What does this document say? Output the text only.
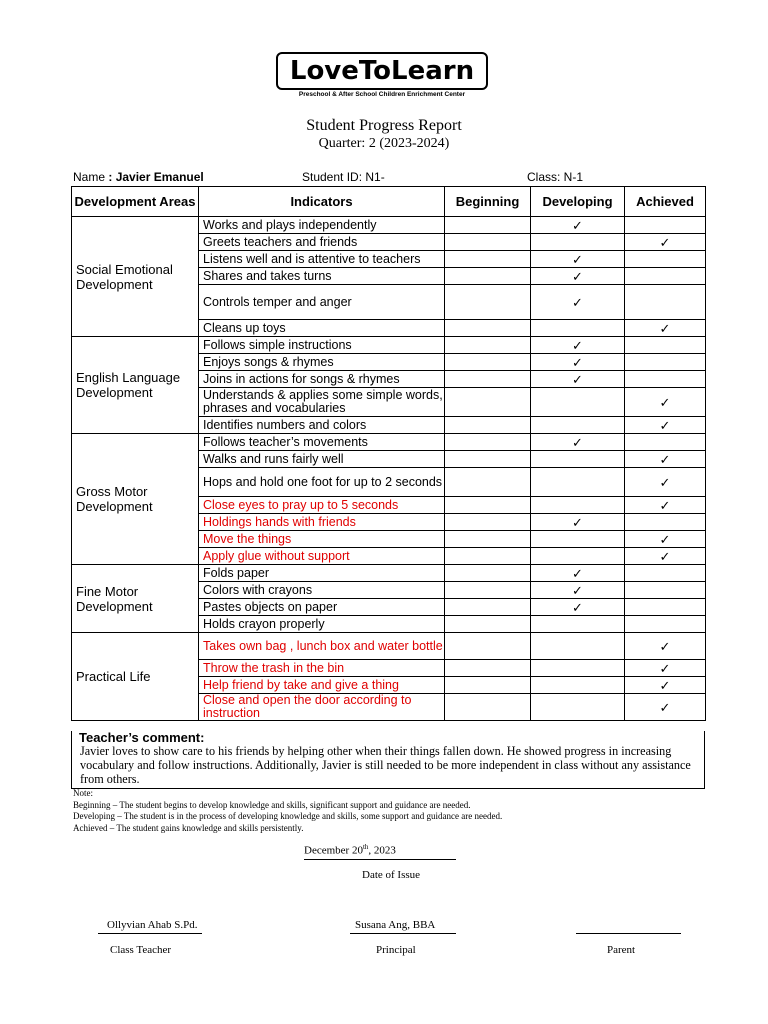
LoveToLearn
Preschool & After School Children Enrichment Center
Student Progress Report
Quarter: 2 (2023-2024)
Name : Javier Emanuel	Student ID: N1-	Class: N-1
Development Areas	Indicators	Beginning	Developing	Achieved
Social Emotional Development	Works and plays independently		✓	
	Greets teachers and friends			✓
	Listens well and is attentive to teachers		✓	
	Shares and takes turns		✓	
	Controls temper and anger		✓	
	Cleans up toys			✓
English Language Development	Follows simple instructions		✓	
	Enjoys songs & rhymes		✓	
	Joins in actions for songs & rhymes		✓	
	Understands & applies some simple words, phrases and vocabularies			✓
	Identifies numbers and colors			✓
Gross Motor Development	Follows teacher’s movements		✓	
	Walks and runs fairly well			✓
	Hops and hold one foot for up to 2 seconds			✓
	Close eyes to pray up to 5 seconds			✓
	Holdings hands with friends		✓	
	Move the things			✓
	Apply glue without support			✓
Fine Motor Development	Folds paper		✓	
	Colors with crayons		✓	
	Pastes objects on paper		✓	
	Holds crayon properly			
Practical Life	Takes own bag , lunch box and water bottle			✓
	Throw the trash in the bin			✓
	Help friend by take and give a thing			✓
	Close and open the door according to instruction			✓
Teacher’s comment:
Javier loves to show care to his friends by helping other when their things fallen down. He showed progress in increasing vocabulary and follow instructions. Additionally, Javier is still needed to be more independent in class without any assistance from others.
Note:
Beginning – The student begins to develop knowledge and skills, significant support and guidance are needed.
Developing – The student is in the process of developing knowledge and skills, some support and guidance are needed.
Achieved – The student gains knowledge and skills persistently.
December 20th, 2023
Date of Issue
Ollyvian Ahab S.Pd.
Class Teacher
Susana Ang, BBA
Principal	Parent
